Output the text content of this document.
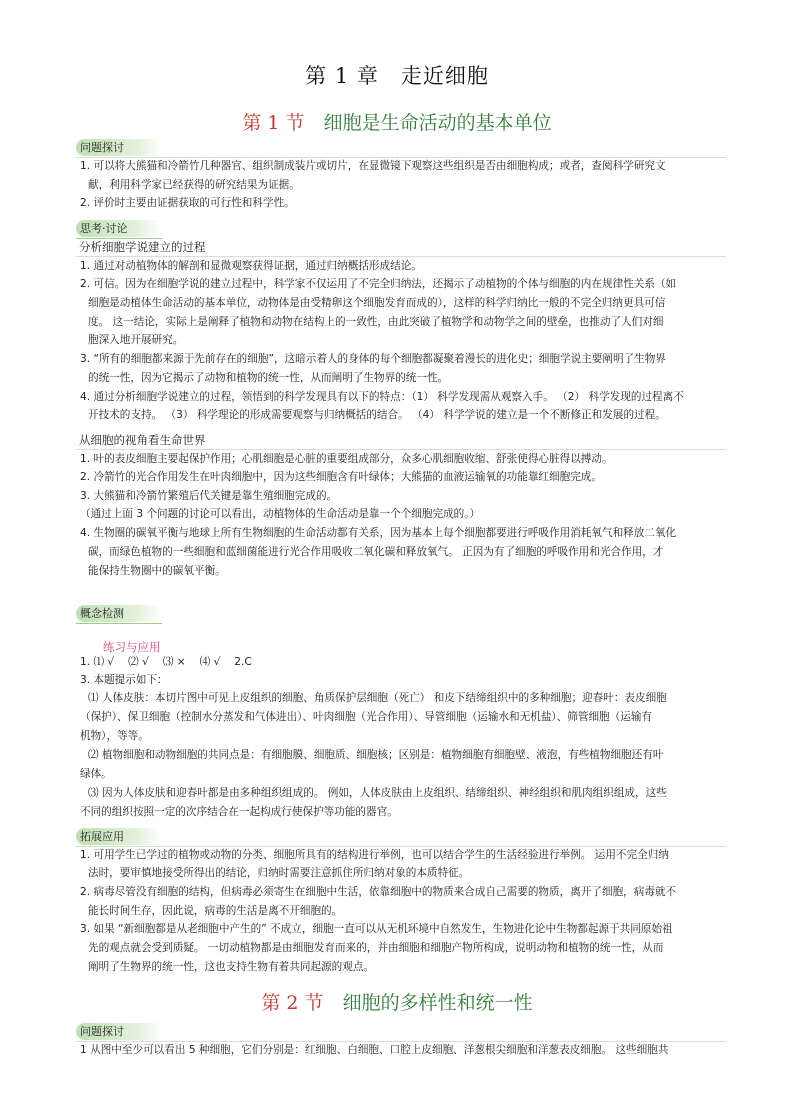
第 1 章　走近细胞
第 1 节　 细胞是生命活动的基本单位
问题探讨
1. 可以将大熊猫和冷箭竹几种器官、组织制成装片或切片，在显微镜下观察这些组织是否由细胞构成；或者，查阅科学研究文
献，利用科学家已经获得的研究结果为证据。
2. 评价时主要由证据获取的可行性和科学性。
思考·讨论
分析细胞学说建立的过程
1. 通过对动植物体的解剖和显微观察获得证据，通过归纳概括形成结论。
2. 可信。因为在细胞学说的建立过程中，科学家不仅运用了不完全归纳法，还揭示了动植物的个体与细胞的内在规律性关系（如
细胞是动植体生命活动的基本单位，动物体是由受精卵这个细胞发育而成的），这样的科学归纳比一般的不完全归纳更具可信
度。 这一结论，实际上是阐释了植物和动物在结构上的一致性，由此突破了植物学和动物学之间的壁垒，也推动了人们对细
胞深入地开展研究。
3. “所有的细胞都来源于先前存在的细胞”，这暗示着人的身体的每个细胞都凝聚着漫长的进化史；细胞学说主要阐明了生物界
的统一性，因为它揭示了动物和植物的统一性，从而阐明了生物界的统一性。
4. 通过分析细胞学说建立的过程，领悟到的科学发现具有以下的特点：（1） 科学发现需从观察入手。 （2） 科学发现的过程离不
开技术的支持。 （3） 科学理论的形成需要观察与归纳概括的结合。 （4） 科学学说的建立是一个不断修正和发展的过程。
从细胞的视角看生命世界
1. 叶的表皮细胞主要起保护作用；心肌细胞是心脏的重要组成部分，众多心肌细胞收缩、舒张使得心脏得以搏动。
2. 冷箭竹的光合作用发生在叶肉细胞中，因为这些细胞含有叶绿体；大熊猫的血液运输氧的功能靠红细胞完成。
3. 大熊猫和冷箭竹繁殖后代关键是靠生殖细胞完成的。
（通过上面 3 个问题的讨论可以看出，动植物体的生命活动是靠一个个细胞完成的。）
4. 生物圈的碳氧平衡与地球上所有生物细胞的生命活动都有关系，因为基本上每个细胞都要进行呼吸作用消耗氧气和释放二氧化
碳，而绿色植物的一些细胞和蓝细菌能进行光合作用吸收二氧化碳和释放氧气。 正因为有了细胞的呼吸作用和光合作用，才
能保持生物圈中的碳氧平衡。
概念检测
练习与应用
1. ⑴ √　 ⑵ √　 ⑶ ×　 ⑷ √　 2.C
3. 本题提示如下：
⑴ 人体皮肤：本切片图中可见上皮组织的细胞、角质保护层细胞（死亡） 和皮下结缔组织中的多种细胞；迎春叶：表皮细胞
（保护）、保卫细胞（控制水分蒸发和气体进出）、叶肉细胞（光合作用）、导管细胞（运输水和无机盐）、筛管细胞（运输有
机物），等等。
⑵ 植物细胞和动物细胞的共同点是：有细胞膜、细胞质、细胞核；区别是：植物细胞有细胞壁、液泡，有些植物细胞还有叶
绿体。
⑶ 因为人体皮肤和迎春叶都是由多种组织组成的。 例如，人体皮肤由上皮组织、结缔组织、神经组织和肌肉组织组成，这些
不同的组织按照一定的次序结合在一起构成行使保护等功能的器官。
拓展应用
1. 可用学生已学过的植物或动物的分类、细胞所具有的结构进行举例，也可以结合学生的生活经验进行举例。 运用不完全归纳
法时，要审慎地接受所得出的结论，归纳时需要注意抓住所归纳对象的本质特征。
2. 病毒尽管没有细胞的结构，但病毒必须寄生在细胞中生活，依靠细胞中的物质来合成自己需要的物质，离开了细胞，病毒就不
能长时间生存，因此说，病毒的生活是离不开细胞的。
3. 如果 “新细胞都是从老细胞中产生的” 不成立，细胞一直可以从无机环境中自然发生，生物进化论中生物都起源于共同原始祖
先的观点就会受到质疑。 一切动植物都是由细胞发育而来的，并由细胞和细胞产物所构成，说明动物和植物的统一性，从而
阐明了生物界的统一性，这也支持生物有着共同起源的观点。
第 2 节　 细胞的多样性和统一性
问题探讨
1 从图中至少可以看出 5 种细胞，它们分别是：红细胞、白细胞、口腔上皮细胞、洋葱根尖细胞和洋葱表皮细胞。 这些细胞共
